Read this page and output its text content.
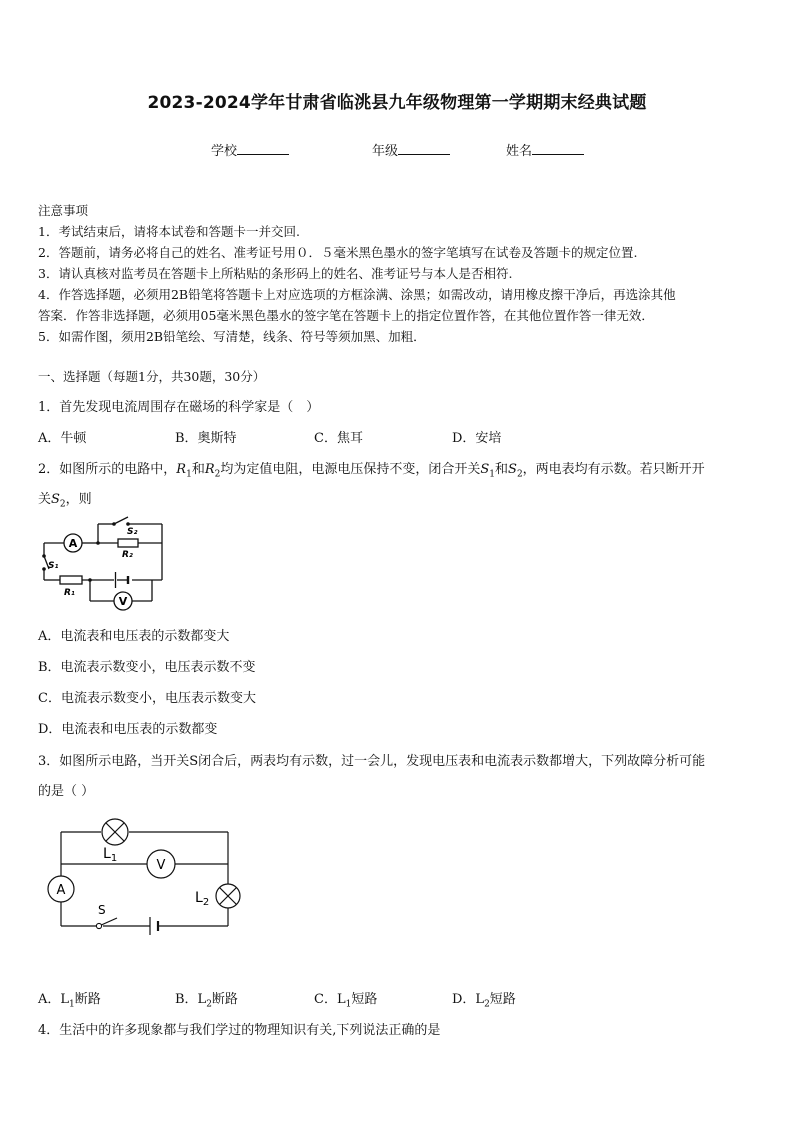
2023-2024学年甘肃省临洮县九年级物理第一学期期末经典试题
学校	年级	姓名
注意事项
1．考试结束后，请将本试卷和答题卡一并交回.
2．答题前，请务必将自己的姓名、准考证号用０．５毫米黑色墨水的签字笔填写在试卷及答题卡的规定位置.
3．请认真核对监考员在答题卡上所粘贴的条形码上的姓名、准考证号与本人是否相符.
4．作答选择题，必须用2B铅笔将答题卡上对应选项的方框涂满、涂黑；如需改动，请用橡皮擦干净后，再选涂其他
答案．作答非选择题，必须用05毫米黑色墨水的签字笔在答题卡上的指定位置作答，在其他位置作答一律无效．
5．如需作图，须用2B铅笔绘、写清楚，线条、符号等须加黑、加粗．
一、选择题（每题1分，共30题，30分）
1．首先发现电流周围存在磁场的科学家是（　）
A．牛顿	B．奥斯特	C．焦耳	D．安培
2．如图所示的电路中，$R_1$和$R_2$均为定值电阻，电源电压保持不变，闭合开关$S_1$和$S_2$，两电表均有示数。若只断开开
关$S_2$，则
A
V
S₂
R₂
S₁
R₁
A．电流表和电压表的示数都变大
B．电流表示数变小，电压表示数不变
C．电流表示数变小，电压表示数变大
D．电流表和电压表的示数都变
3．如图所示电路，当开关S闭合后，两表均有示数，过一会儿，发现电压表和电流表示数都增大，下列故障分析可能
的是（ ）
A
V
$L_1$
$L_2$
S
A．$L_1$断路	B．$L_2$断路	C．$L_1$短路	D．$L_2$短路
4．生活中的许多现象都与我们学过的物理知识有关,下列说法正确的是
